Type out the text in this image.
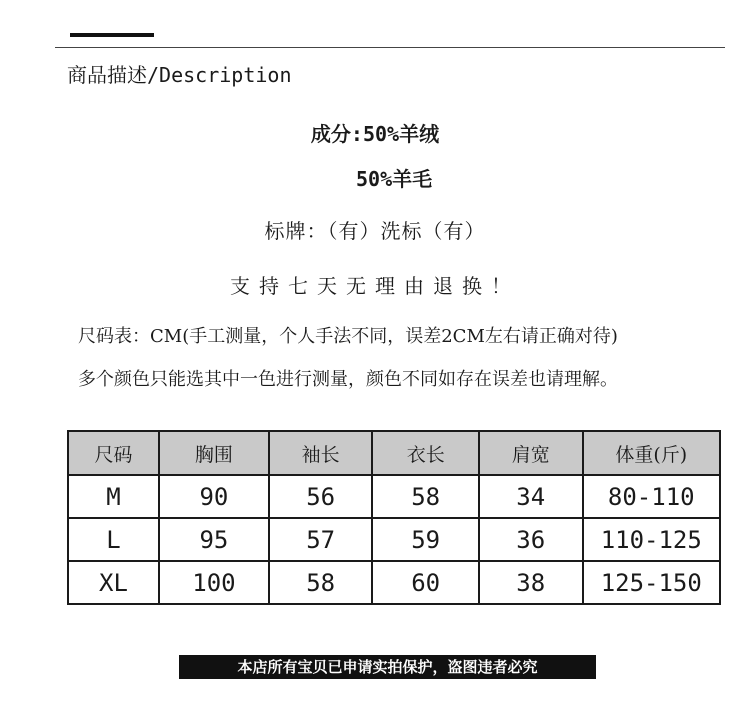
商品描述/Description
成分:50%羊绒
50%羊毛
标牌：（有）洗标（有）
支持七天无理由退换！
尺码表：CM(手工测量，个人手法不同，误差2CM左右请正确对待)
多个颜色只能选其中一色进行测量，颜色不同如存在误差也请理解。
尺码	胸围	袖长	衣长	肩宽	体重(斤)
M	90	56	58	34	80-110
L	95	57	59	36	110-125
XL	100	58	60	38	125-150
本店所有宝贝已申请实拍保护，盗图违者必究
